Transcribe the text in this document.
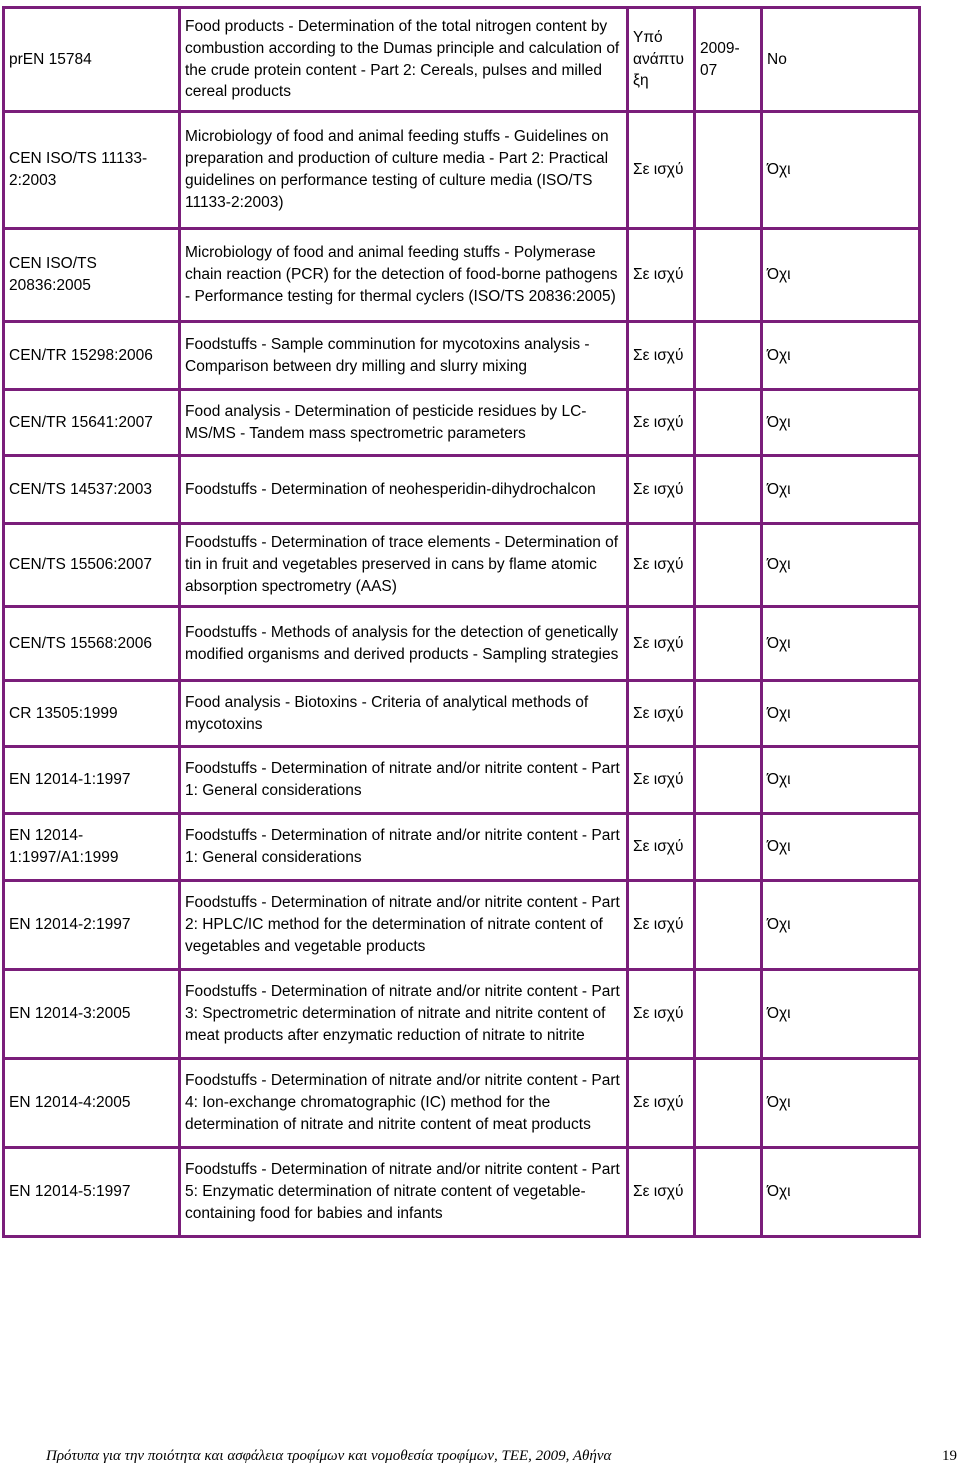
prEN 15784	Food products - Determination of the total nitrogen content by combustion according to the Dumas principle and calculation of the crude protein content - Part 2: Cereals, pulses and milled cereal products	Υπό ανάπτυ ξη	2009-07	No
CEN ISO/TS 11133-2:2003	Microbiology of food and animal feeding stuffs - Guidelines on preparation and production of culture media - Part 2: Practical guidelines on performance testing of culture media (ISO/TS 11133-2:2003)	Σε ισχύ		Όχι
CEN ISO/TS 20836:2005	Microbiology of food and animal feeding stuffs - Polymerase chain reaction (PCR) for the detection of food-borne pathogens - Performance testing for thermal cyclers (ISO/TS 20836:2005)	Σε ισχύ		Όχι
CEN/TR 15298:2006	Foodstuffs - Sample comminution for mycotoxins analysis - Comparison between dry milling and slurry mixing	Σε ισχύ		Όχι
CEN/TR 15641:2007	Food analysis - Determination of pesticide residues by LC-MS/MS - Tandem mass spectrometric parameters	Σε ισχύ		Όχι
CEN/TS 14537:2003	Foodstuffs - Determination of neohesperidin-dihydrochalcon	Σε ισχύ		Όχι
CEN/TS 15506:2007	Foodstuffs - Determination of trace elements - Determination of tin in fruit and vegetables preserved in cans by flame atomic absorption spectrometry (AAS)	Σε ισχύ		Όχι
CEN/TS 15568:2006	Foodstuffs - Methods of analysis for the detection of genetically modified organisms and derived products - Sampling strategies	Σε ισχύ		Όχι
CR 13505:1999	Food analysis - Biotoxins - Criteria of analytical methods of mycotoxins	Σε ισχύ		Όχι
EN 12014-1:1997	Foodstuffs - Determination of nitrate and/or nitrite content - Part 1: General considerations	Σε ισχύ		Όχι
EN 12014-1:1997/A1:1999	Foodstuffs - Determination of nitrate and/or nitrite content - Part 1: General considerations	Σε ισχύ		Όχι
EN 12014-2:1997	Foodstuffs - Determination of nitrate and/or nitrite content - Part 2: HPLC/IC method for the determination of nitrate content of vegetables and vegetable products	Σε ισχύ		Όχι
EN 12014-3:2005	Foodstuffs - Determination of nitrate and/or nitrite content - Part 3: Spectrometric determination of nitrate and nitrite content of meat products after enzymatic reduction of nitrate to nitrite	Σε ισχύ		Όχι
EN 12014-4:2005	Foodstuffs - Determination of nitrate and/or nitrite content - Part 4: Ion-exchange chromatographic (IC) method for the determination of nitrate and nitrite content of meat products	Σε ισχύ		Όχι
EN 12014-5:1997	Foodstuffs - Determination of nitrate and/or nitrite content - Part 5: Enzymatic determination of nitrate content of vegetable-containing food for babies and infants	Σε ισχύ		Όχι
Πρότυπα για την ποιότητα και ασφάλεια τροφίμων και νομοθεσία τροφίμων, ΤΕΕ, 2009, Αθήνα	19
